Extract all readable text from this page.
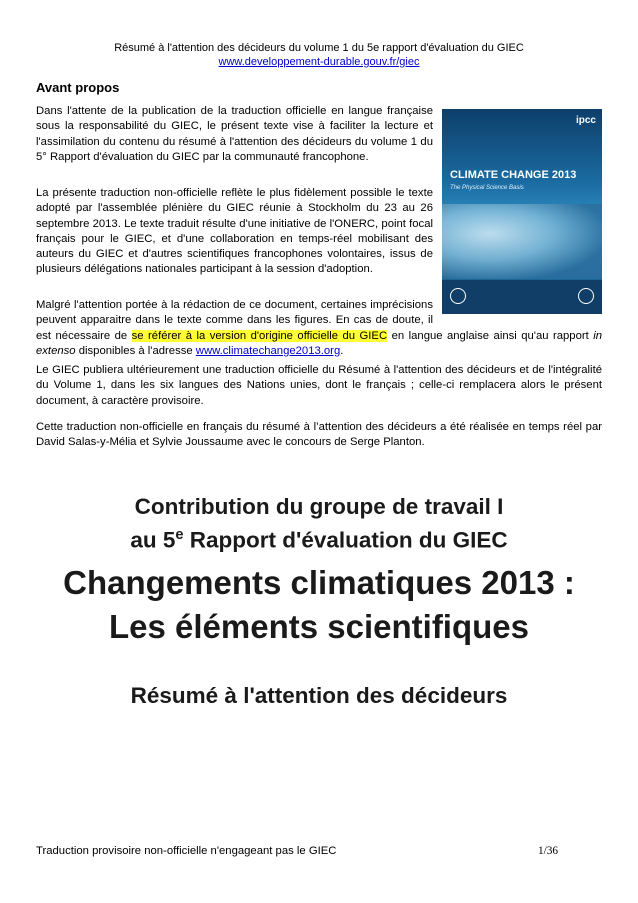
Résumé à l'attention des décideurs du volume 1 du 5e rapport d'évaluation du GIEC
www.developpement-durable.gouv.fr/giec
Avant propos
Dans l'attente de la publication de la traduction officielle en langue française sous la responsabilité du GIEC, le présent texte vise à faciliter la lecture et l'assimilation du contenu du résumé à l'attention des décideurs du volume 1 du 5° Rapport d'évaluation du GIEC par la communauté francophone.
La présente traduction non-officielle reflète le plus fidèlement possible le texte adopté par l'assemblée plénière du GIEC réunie à Stockholm du 23 au 26 septembre 2013. Le texte traduit résulte d'une initiative de l'ONERC, point focal français pour le GIEC, et d'une collaboration en temps-réel mobilisant des auteurs du GIEC et d'autres scientifiques francophones volontaires, issus de plusieurs délégations nationales participant à la session d'adoption.
Malgré l'attention portée à la rédaction de ce document, certaines imprécisions peuvent apparaitre dans le texte comme dans les figures. En cas de doute, il est nécessaire de se référer à la version d'origine officielle du GIEC en langue anglaise ainsi qu'au rapport in extenso disponibles à l'adresse www.climatechange2013.org.
Le GIEC publiera ultérieurement une traduction officielle du Résumé à l'attention des décideurs et de l'intégralité du Volume 1, dans les six langues des Nations unies, dont le français ; celle-ci remplacera alors le présent document, à caractère provisoire.
Cette traduction non-officielle en français du résumé à l’attention des décideurs a été réalisée en temps réel par David Salas-y-Mélia et Sylvie Joussaume avec le concours de Serge Planton.
ipcc
CLIMATE CHANGE 2013
The Physical Science Basis
Contribution du groupe de travail I
au 5e Rapport d'évaluation du GIEC
Changements climatiques 2013 :
Les éléments scientifiques
Résumé à l'attention des décideurs
Traduction provisoire non-officielle n'engageant pas le GIEC	1/36
